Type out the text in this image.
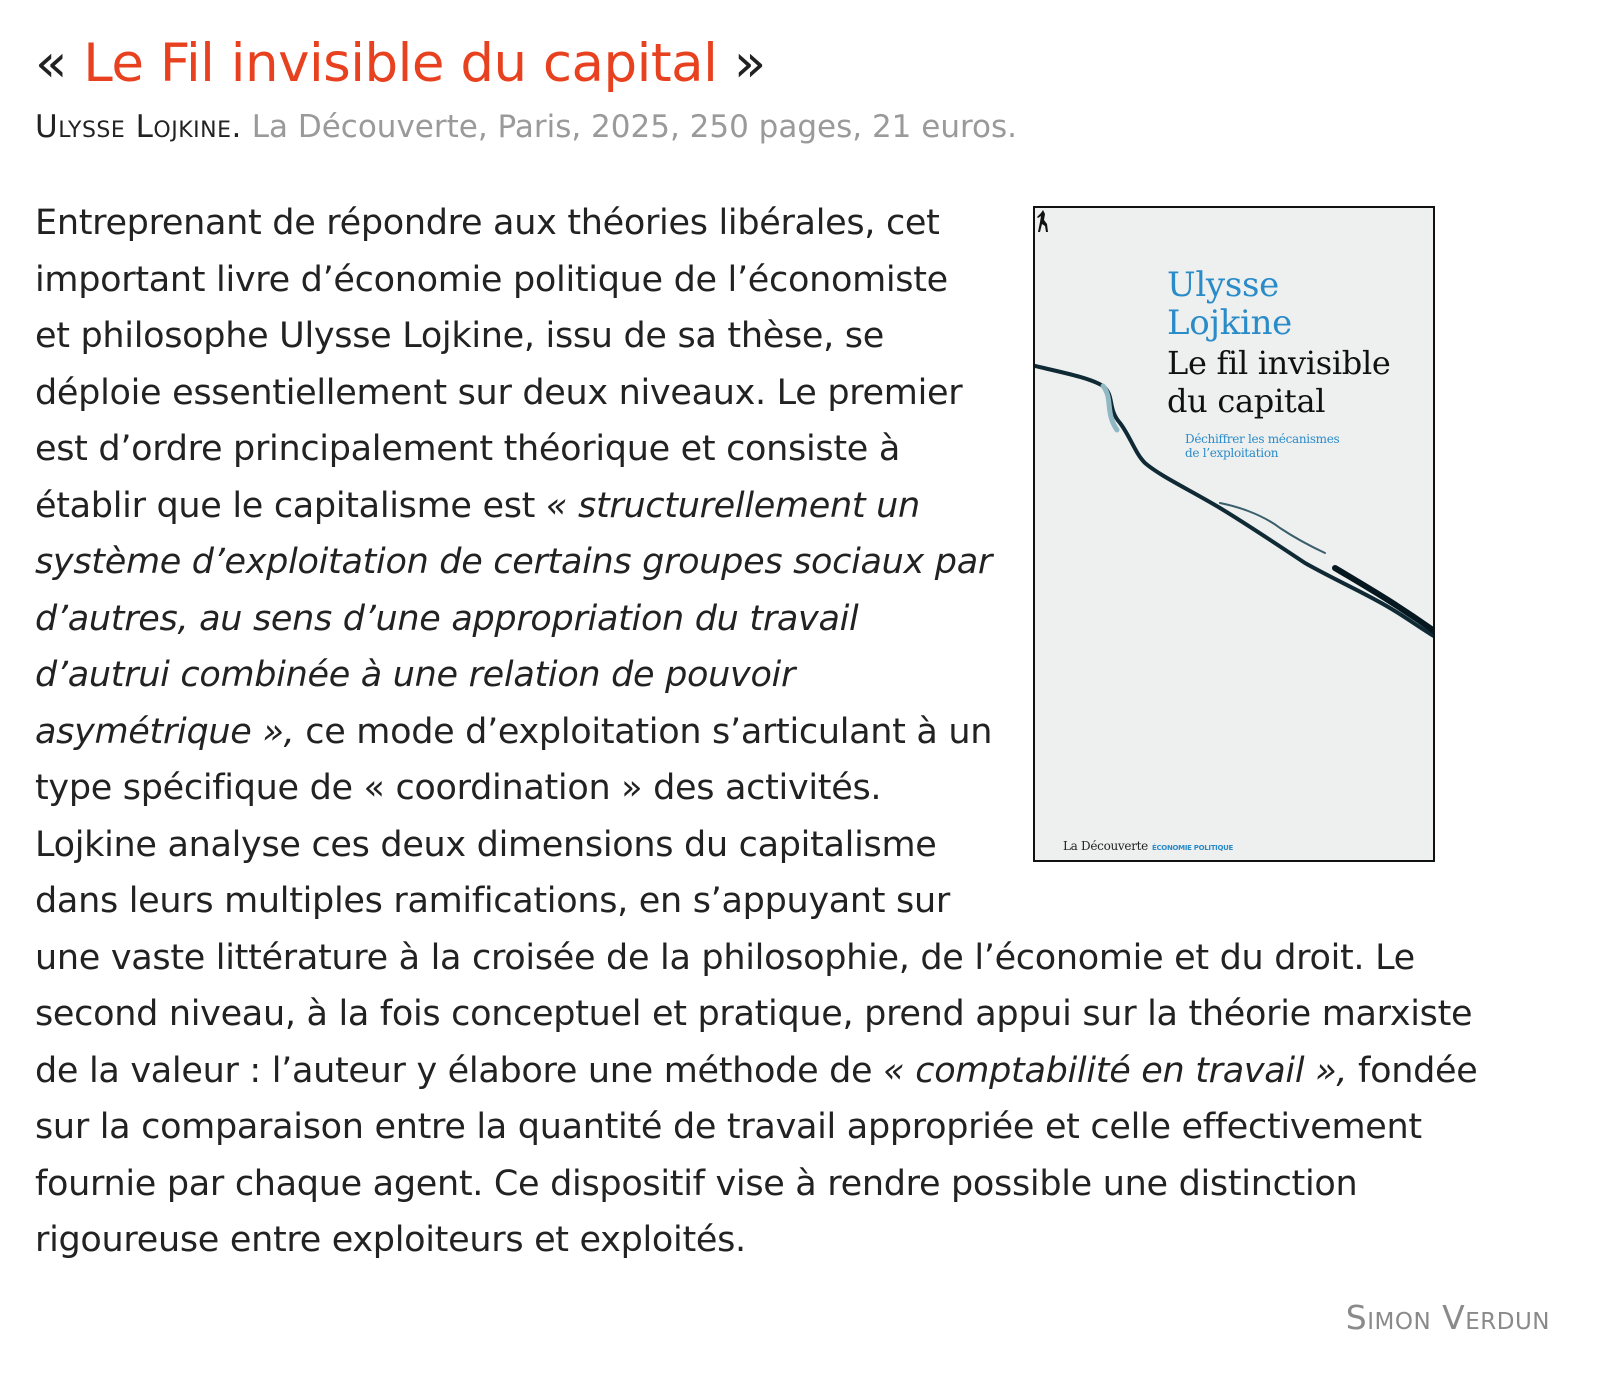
« Le Fil invisible du capital »
Ulysse Lojkine. La Découverte, Paris, 2025, 250 pages, 21 euros.
Ulysse
Lojkine
Le fil invisible
du capital
Déchiffrer les mécanismes
de l’exploitation
La Découverte ÉCONOMIE POLITIQUE

Entreprenant de répondre aux théories libérales, cet important livre d’économie politique de l’économiste et philosophe Ulysse Lojkine, issu de sa thèse, se déploie essentiellement sur deux niveaux. Le premier est d’ordre principalement théorique et consiste à établir que le capitalisme est « structurellement un système d’exploitation de certains groupes sociaux par d’autres, au sens d’une appropriation du travail d’autrui combinée à une relation de pouvoir asymétrique », ce mode d’exploitation s’articulant à un type spécifique de « coordination » des activités. Lojkine analyse ces deux dimensions du capitalisme dans leurs multiples ramifications, en s’appuyant sur une vaste littérature à la croisée de la philosophie, de l’économie et du droit. Le second niveau, à la fois conceptuel et pratique, prend appui sur la théorie marxiste de la valeur : l’auteur y élabore une méthode de « comptabilité en travail », fondée sur la comparaison entre la quantité de travail appropriée et celle effectivement fournie par chaque agent. Ce dispositif vise à rendre possible une distinction rigoureuse entre exploiteurs et exploités.

Simon Verdun
